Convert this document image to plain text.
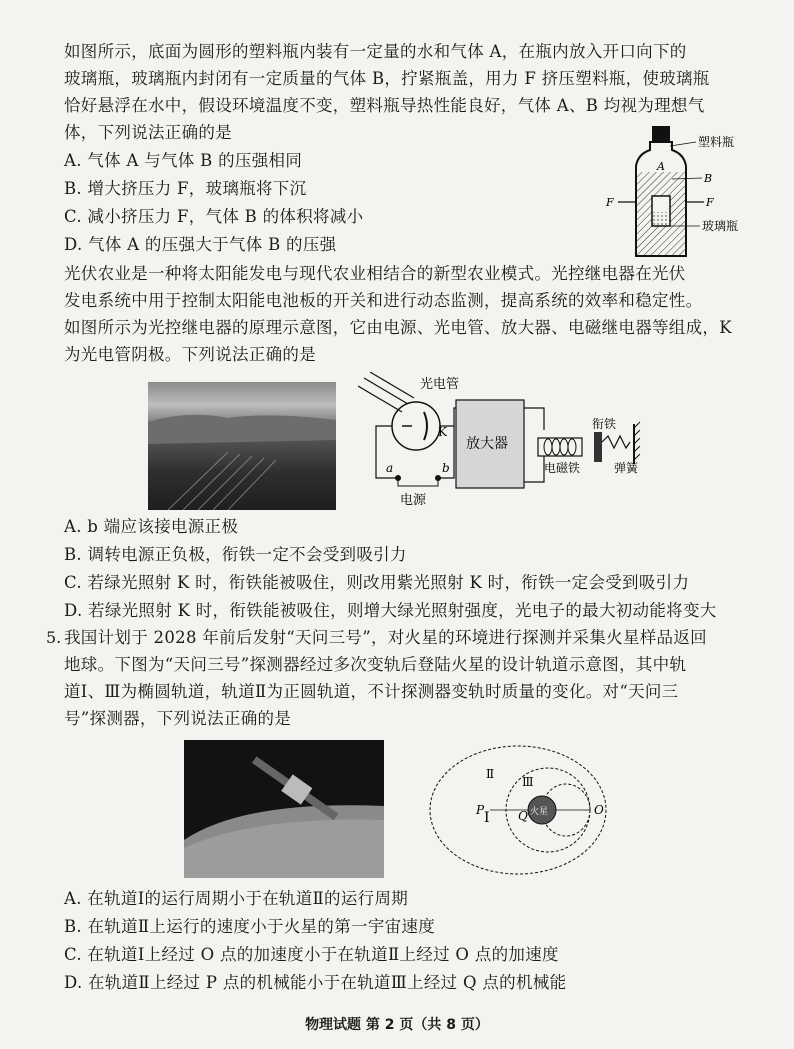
如图所示，底面为圆形的塑料瓶内装有一定量的水和气体 A，在瓶内放入开口向下的
玻璃瓶，玻璃瓶内封闭有一定质量的气体 B，拧紧瓶盖，用力 F 挤压塑料瓶，使玻璃瓶
恰好悬浮在水中，假设环境温度不变，塑料瓶导热性能良好，气体 A、B 均视为理想气
体，下列说法正确的是
A. 气体 A 与气体 B 的压强相同
B. 增大挤压力 F，玻璃瓶将下沉
C. 减小挤压力 F，气体 B 的体积将减小
D. 气体 A 的压强大于气体 B 的压强
塑料瓶
A
B
F	F
玻璃瓶
光伏农业是一种将太阳能发电与现代农业相结合的新型农业模式。光控继电器在光伏
发电系统中用于控制太阳能电池板的开关和进行动态监测，提高系统的效率和稳定性。
如图所示为光控继电器的原理示意图，它由电源、光电管、放大器、电磁继电器等组成，K
为光电管阴极。下列说法正确的是
光电管
K
放大器
电磁铁
衔铁
弹簧
a	b
电源
A. b 端应该接电源正极
B. 调转电源正负极，衔铁一定不会受到吸引力
C. 若绿光照射 K 时，衔铁能被吸住，则改用紫光照射 K 时，衔铁一定会受到吸引力
D. 若绿光照射 K 时，衔铁能被吸住，则增大绿光照射强度，光电子的最大初动能将变大
5. 我国计划于 2028 年前后发射“天问三号”，对火星的环境进行探测并采集火星样品返回
地球。下图为“天问三号”探测器经过多次变轨后登陆火星的设计轨道示意图，其中轨
道Ⅰ、Ⅲ为椭圆轨道，轨道Ⅱ为正圆轨道，不计探测器变轨时质量的变化。对“天问三
号”探测器，下列说法正确的是
火星
Ⅰ
Ⅱ
Ⅲ
P	Q	O
A. 在轨道Ⅰ的运行周期小于在轨道Ⅱ的运行周期
B. 在轨道Ⅱ上运行的速度小于火星的第一宇宙速度
C. 在轨道Ⅰ上经过 O 点的加速度小于在轨道Ⅱ上经过 O 点的加速度
D. 在轨道Ⅱ上经过 P 点的机械能小于在轨道Ⅲ上经过 Q 点的机械能
物理试题 第 2 页（共 8 页）
